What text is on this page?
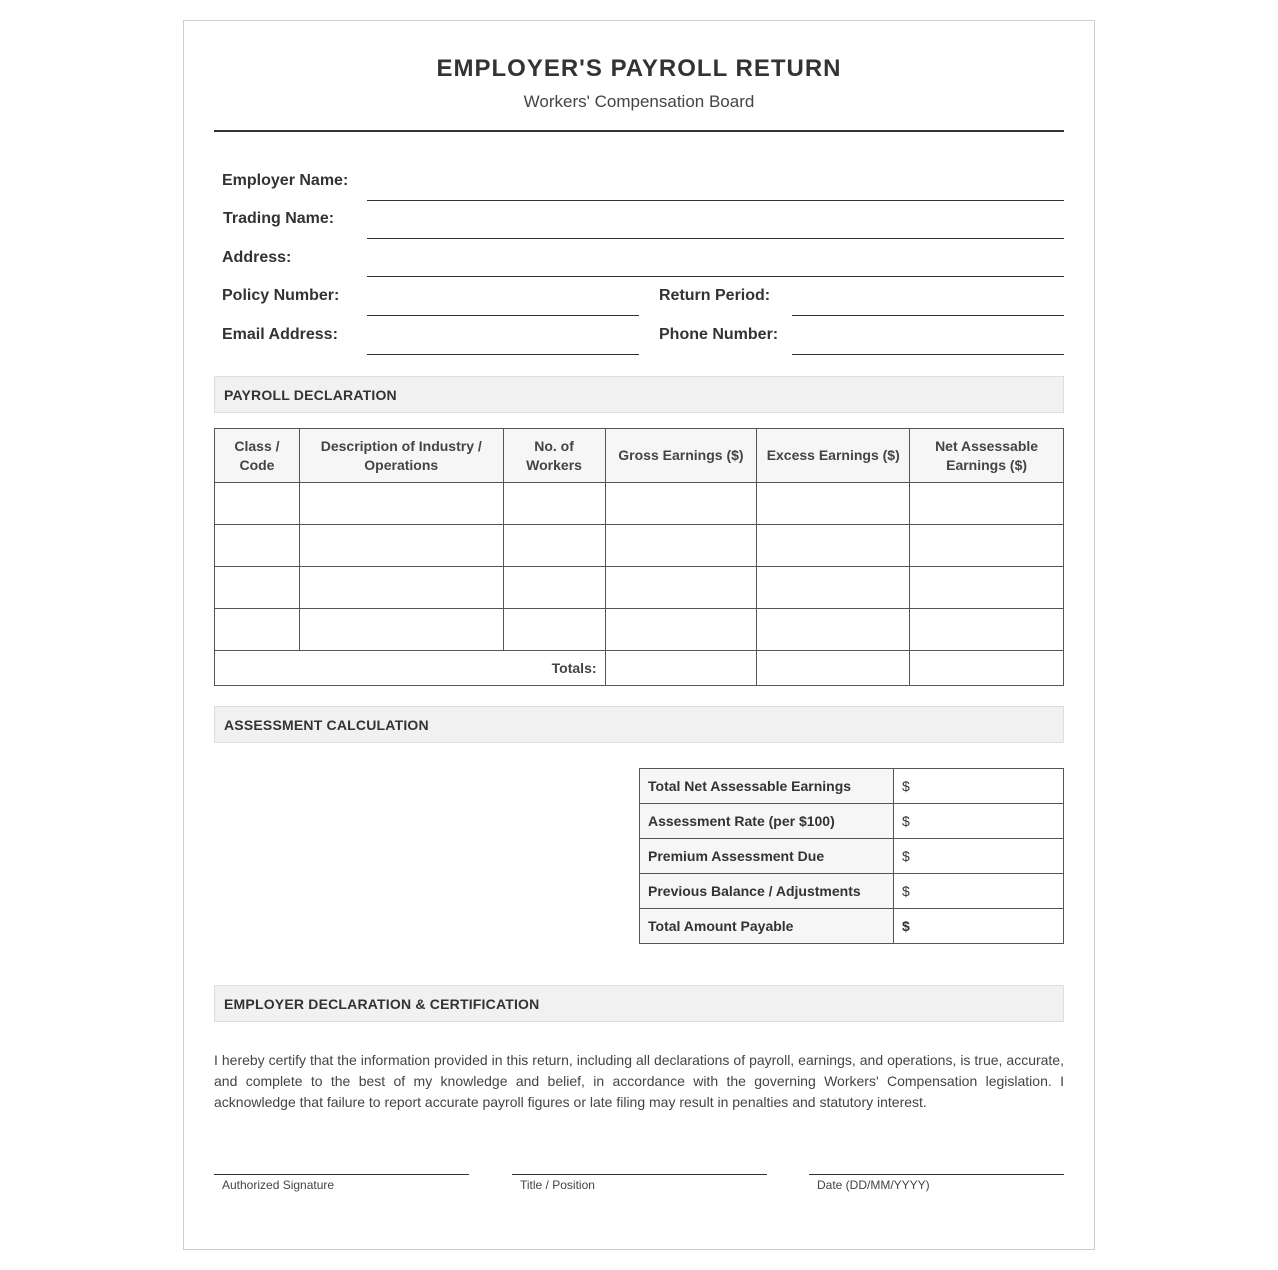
EMPLOYER'S PAYROLL RETURN
Workers' Compensation Board
Employer Name:
Trading Name:
Address:
Policy Number:	Return Period:
Email Address:	Phone Number:
PAYROLL DECLARATION
Class / Code	Description of Industry / Operations	No. of Workers	Gross Earnings ($)	Excess Earnings ($)	Net Assessable Earnings ($)

Totals:					
ASSESSMENT CALCULATION
Total Net Assessable Earnings	$
Assessment Rate (per $100)	$
Premium Assessment Due	$
Previous Balance / Adjustments	$
Total Amount Payable	$
EMPLOYER DECLARATION & CERTIFICATION

I hereby certify that the information provided in this return, including all declarations of payroll, earnings, and operations, is true, accurate, and complete to the best of my knowledge and belief, in accordance with the governing Workers' Compensation legislation. I acknowledge that failure to report accurate payroll figures or late filing may result in penalties and statutory interest.

Authorized Signature	Title / Position	Date (DD/MM/YYYY)
